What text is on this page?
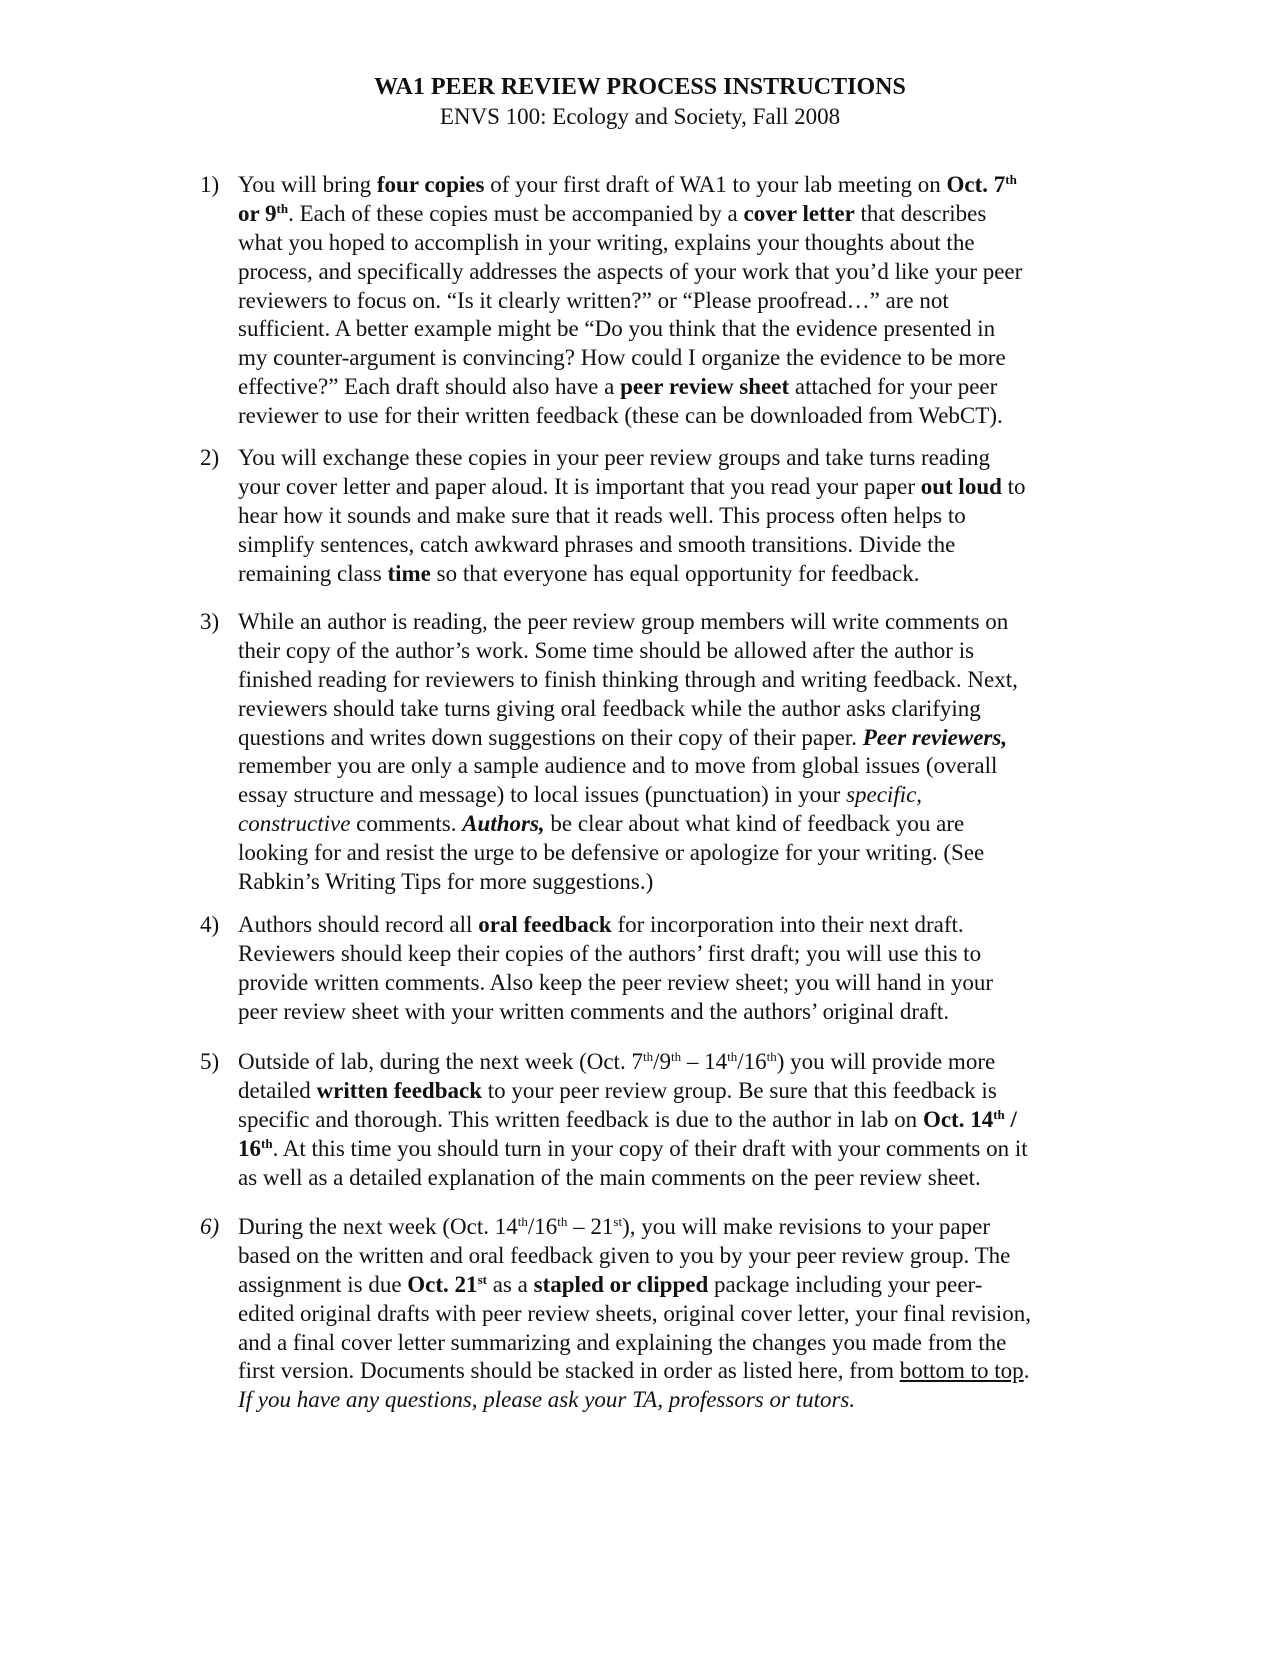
WA1 PEER REVIEW PROCESS INSTRUCTIONS
ENVS 100: Ecology and Society, Fall 2008
1) You will bring four copies of your first draft of WA1 to your lab meeting on Oct. 7th
or 9th. Each of these copies must be accompanied by a cover letter that describes
what you hoped to accomplish in your writing, explains your thoughts about the
process, and specifically addresses the aspects of your work that you’d like your peer
reviewers to focus on. “Is it clearly written?” or “Please proofread…” are not
sufficient. A better example might be “Do you think that the evidence presented in
my counter-argument is convincing? How could I organize the evidence to be more
effective?” Each draft should also have a peer review sheet attached for your peer
reviewer to use for their written feedback (these can be downloaded from WebCT).
2) You will exchange these copies in your peer review groups and take turns reading
your cover letter and paper aloud. It is important that you read your paper out loud to
hear how it sounds and make sure that it reads well. This process often helps to
simplify sentences, catch awkward phrases and smooth transitions. Divide the
remaining class time so that everyone has equal opportunity for feedback.
3) While an author is reading, the peer review group members will write comments on
their copy of the author’s work. Some time should be allowed after the author is
finished reading for reviewers to finish thinking through and writing feedback. Next,
reviewers should take turns giving oral feedback while the author asks clarifying
questions and writes down suggestions on their copy of their paper. Peer reviewers,
remember you are only a sample audience and to move from global issues (overall
essay structure and message) to local issues (punctuation) in your specific,
constructive comments. Authors, be clear about what kind of feedback you are
looking for and resist the urge to be defensive or apologize for your writing. (See
Rabkin’s Writing Tips for more suggestions.)
4) Authors should record all oral feedback for incorporation into their next draft.
Reviewers should keep their copies of the authors’ first draft; you will use this to
provide written comments. Also keep the peer review sheet; you will hand in your
peer review sheet with your written comments and the authors’ original draft.
5) Outside of lab, during the next week (Oct. 7th/9th – 14th/16th) you will provide more
detailed written feedback to your peer review group. Be sure that this feedback is
specific and thorough. This written feedback is due to the author in lab on Oct. 14th /
16th. At this time you should turn in your copy of their draft with your comments on it
as well as a detailed explanation of the main comments on the peer review sheet.
6) During the next week (Oct. 14th/16th – 21st), you will make revisions to your paper
based on the written and oral feedback given to you by your peer review group. The
assignment is due Oct. 21st as a stapled or clipped package including your peer-
edited original drafts with peer review sheets, original cover letter, your final revision,
and a final cover letter summarizing and explaining the changes you made from the
first version. Documents should be stacked in order as listed here, from bottom to top.
If you have any questions, please ask your TA, professors or tutors.
